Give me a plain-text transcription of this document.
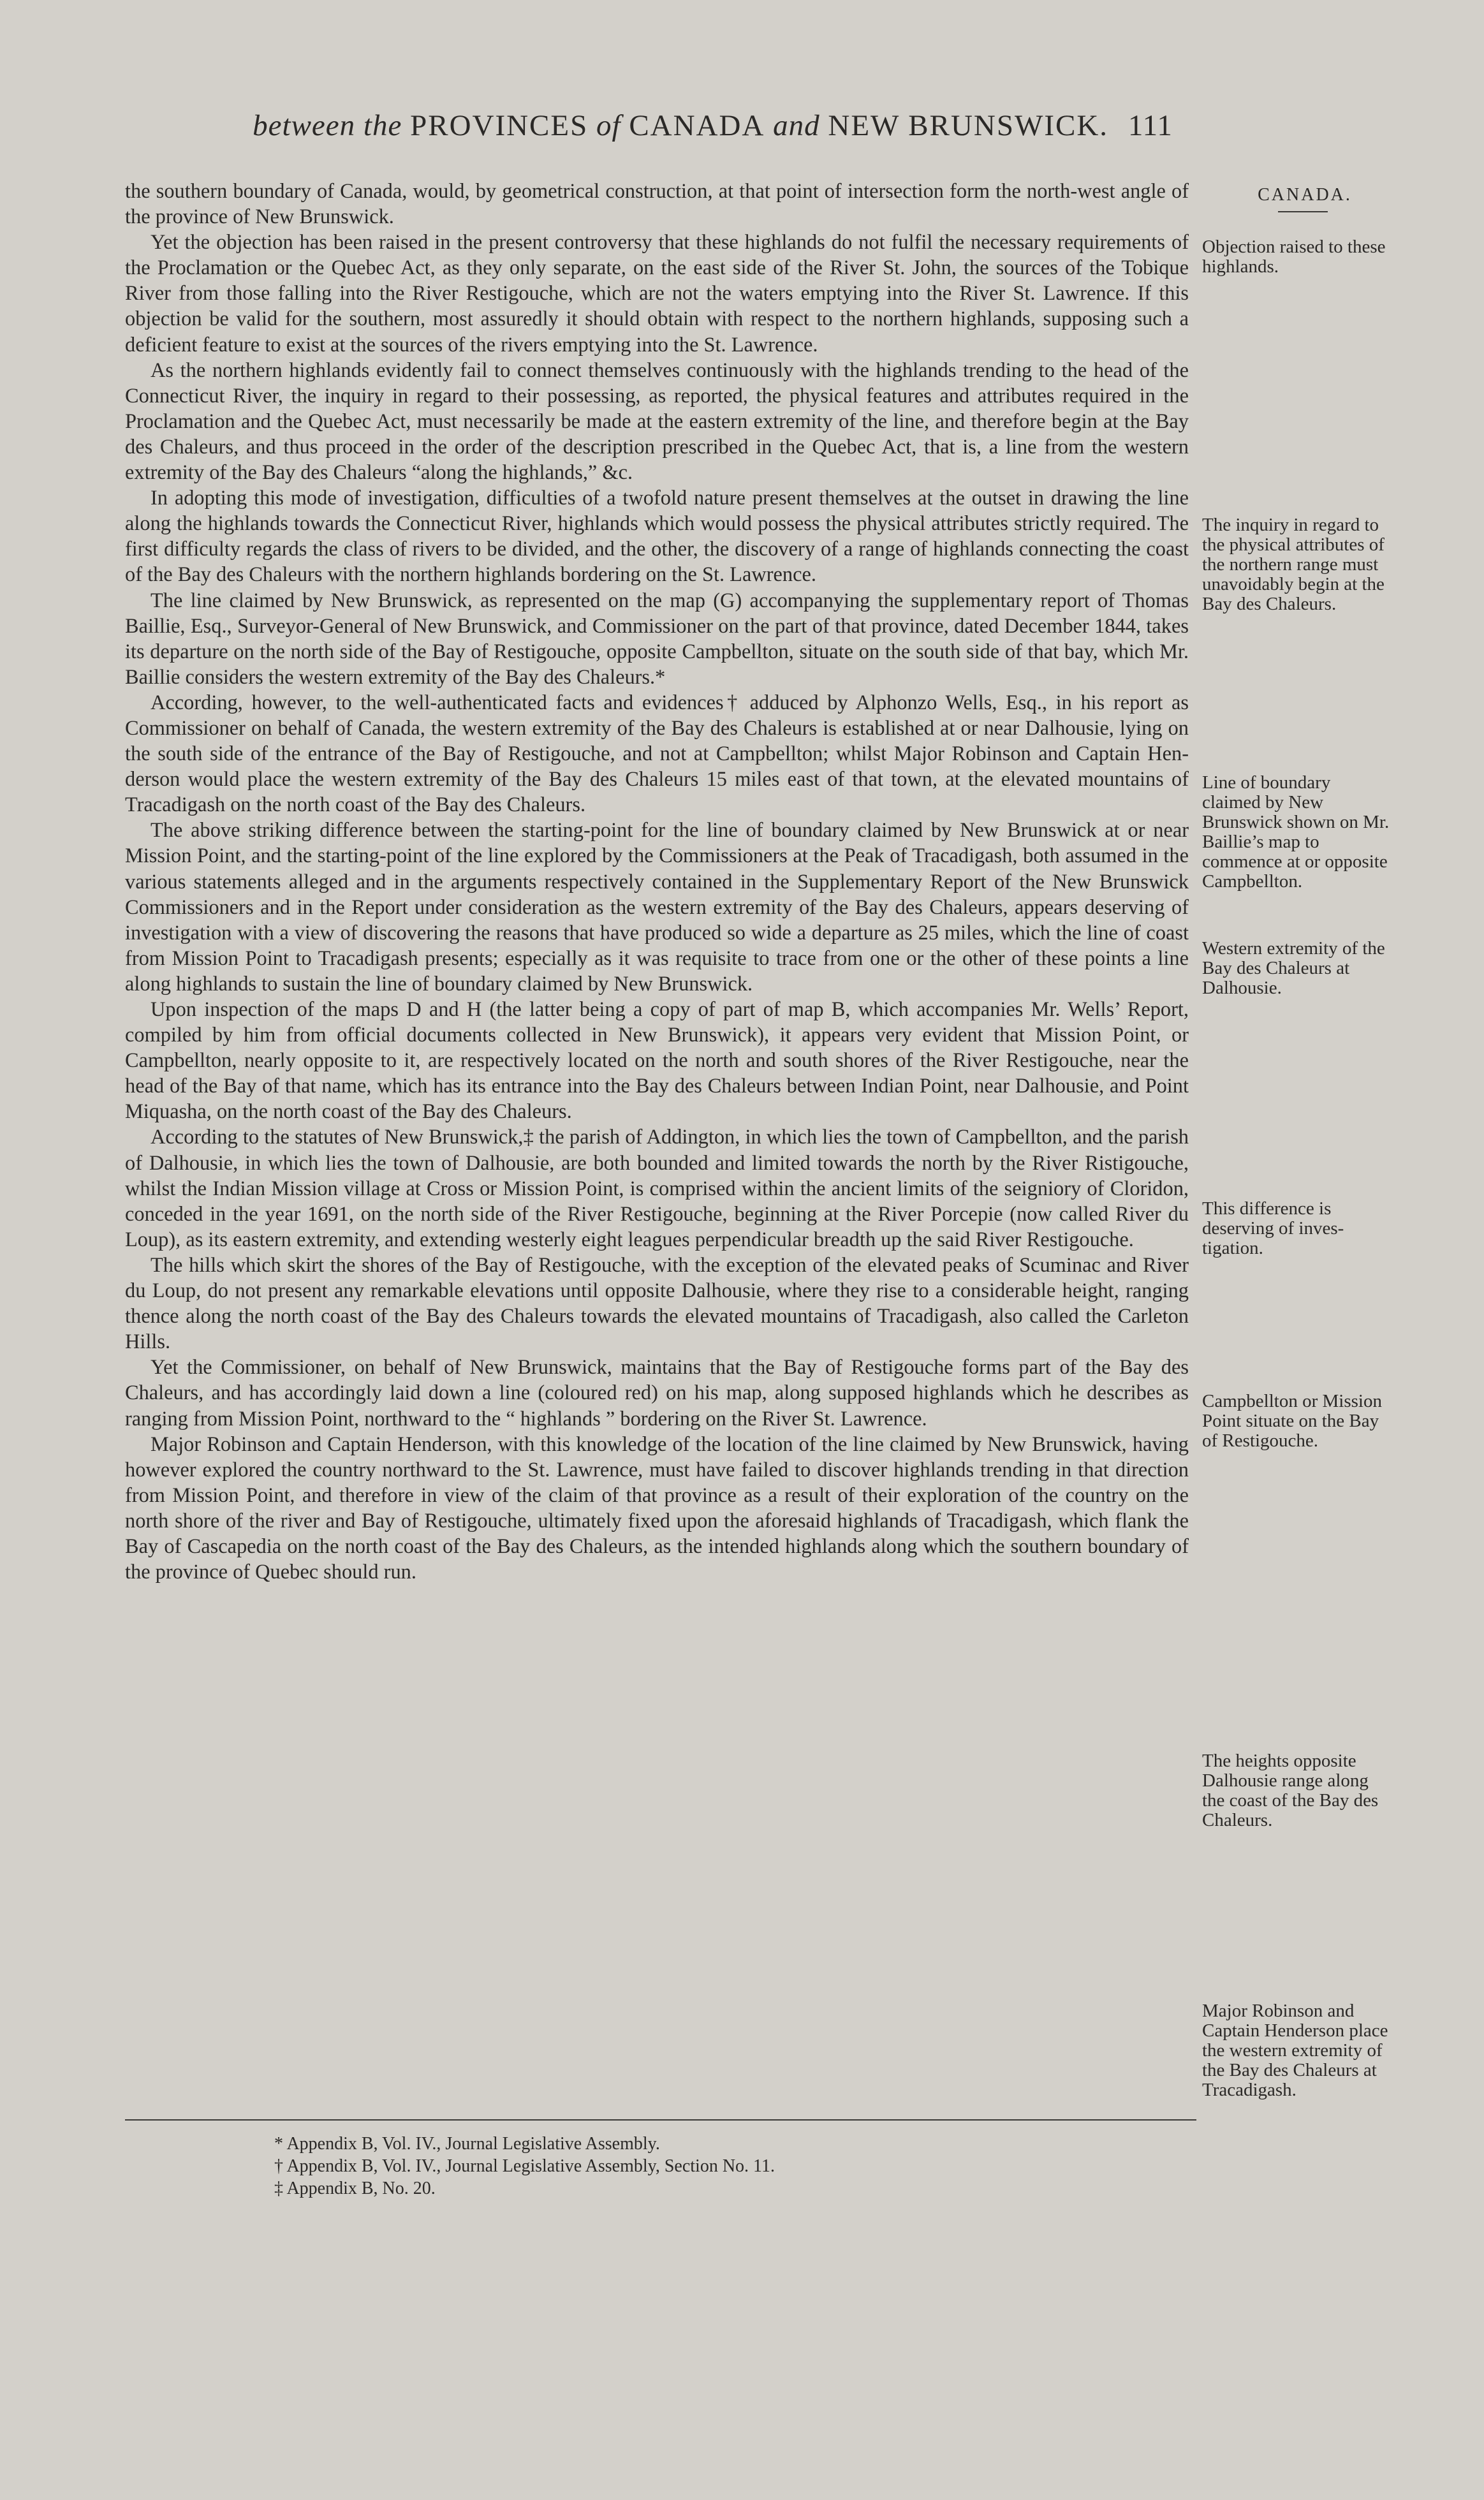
between the PROVINCES of CANADA and NEW BRUNSWICK. 111
CANADA.

the southern boundary of Canada, would, by geometrical construction, at that point of intersection form the north-west angle of the province of New Brunswick.

Yet the objection has been raised in the present controversy that these highlands do not fulfil the necessary requirements of the Proclamation or the Quebec Act, as they only separate, on the east side of the River St. John, the sources of the Tobique River from those falling into the River Restigouche, which are not the waters emptying into the River St. Lawrence. If this objection be valid for the southern, most assuredly it should obtain with respect to the northern highlands, supposing such a deficient feature to exist at the sources of the rivers emptying into the St. Lawrence.

As the northern highlands evidently fail to connect themselves continuously with the highlands trending to the head of the Connecticut River, the inquiry in regard to their possessing, as reported, the physical features and attributes required in the Proclamation and the Quebec Act, must necessarily be made at the eastern extremity of the line, and therefore begin at the Bay des Chaleurs, and thus proceed in the order of the description prescribed in the Quebec Act, that is, a line from the western extremity of the Bay des Chaleurs “along the highlands,” &c.

In adopting this mode of investigation, difficulties of a twofold nature present themselves at the outset in drawing the line along the highlands towards the Connecticut River, highlands which would possess the physical attributes strictly required. The first difficulty regards the class of rivers to be divided, and the other, the discovery of a range of highlands connecting the coast of the Bay des Chaleurs with the northern highlands bordering on the St. Lawrence.

The line claimed by New Brunswick, as represented on the map (G) accompanying the supplementary report of Thomas Baillie, Esq., Surveyor-General of New Brunswick, and Commissioner on the part of that province, dated December 1844, takes its departure on the north side of the Bay of Restigouche, opposite Campbellton, situate on the south side of that bay, which Mr. Baillie considers the western extremity of the Bay des Chaleurs.*

According, however, to the well-authenticated facts and evidences† adduced by Alphonzo Wells, Esq., in his report as Commissioner on behalf of Canada, the western extremity of the Bay des Chaleurs is established at or near Dalhousie, lying on the south side of the entrance of the Bay of Restigouche, and not at Campbellton; whilst Major Robinson and Captain Henderson would place the western extremity of the Bay des Chaleurs 15 miles east of that town, at the elevated mountains of Tracadigash on the north coast of the Bay des Chaleurs.

The above striking difference between the starting-point for the line of boundary claimed by New Brunswick at or near Mission Point, and the starting-point of the line explored by the Commissioners at the Peak of Tracadigash, both assumed in the various statements alleged and in the arguments respectively contained in the Supplementary Report of the New Brunswick Commissioners and in the Report under consideration as the western extremity of the Bay des Chaleurs, appears deserving of investigation with a view of discovering the reasons that have produced so wide a departure as 25 miles, which the line of coast from Mission Point to Tracadigash presents; especially as it was requisite to trace from one or the other of these points a line along highlands to sustain the line of boundary claimed by New Brunswick.

Upon inspection of the maps D and H (the latter being a copy of part of map B, which accompanies Mr. Wells’ Report, compiled by him from official documents collected in New Brunswick), it appears very evident that Mission Point, or Campbellton, nearly opposite to it, are respectively located on the north and south shores of the River Restigouche, near the head of the Bay of that name, which has its entrance into the Bay des Chaleurs between Indian Point, near Dalhousie, and Point Miquasha, on the north coast of the Bay des Chaleurs.

According to the statutes of New Brunswick,‡ the parish of Addington, in which lies the town of Campbellton, and the parish of Dalhousie, in which lies the town of Dalhousie, are both bounded and limited towards the north by the River Ristigouche, whilst the Indian Mission village at Cross or Mission Point, is comprised within the ancient limits of the seigniory of Cloridon, conceded in the year 1691, on the north side of the River Restigouche, beginning at the River Porcepie (now called River du Loup), as its eastern extremity, and extending westerly eight leagues perpendicular breadth up the said River Restigouche.

The hills which skirt the shores of the Bay of Restigouche, with the exception of the elevated peaks of Scuminac and River du Loup, do not present any remarkable elevations until opposite Dalhousie, where they rise to a considerable height, ranging thence along the north coast of the Bay des Chaleurs towards the elevated mountains of Tracadigash, also called the Carleton Hills.

Yet the Commissioner, on behalf of New Brunswick, maintains that the Bay of Restigouche forms part of the Bay des Chaleurs, and has accordingly laid down a line (coloured red) on his map, along supposed highlands which he describes as ranging from Mission Point, northward to the “ highlands ” bordering on the River St. Lawrence.

Major Robinson and Captain Henderson, with this knowledge of the location of the line claimed by New Brunswick, having however explored the country northward to the St. Lawrence, must have failed to discover highlands trending in that direction from Mission Point, and therefore in view of the claim of that province as a result of their exploration of the country on the north shore of the river and Bay of Restigouche, ultimately fixed upon the aforesaid highlands of Tracadigash, which flank the Bay of Cascapedia on the north coast of the Bay des Chaleurs, as the intended highlands along which the southern boundary of the province of Quebec should run.

Objection raised to these highlands.
The inquiry in regard to the physical attributes of the northern range must unavoidably begin at the Bay des Chaleurs.
Line of boundary claimed by New Brunswick shown on Mr. Baillie’s map to commence at or opposite Campbellton.
Western extremity of the Bay des Chaleurs at Dalhousie.
This difference is deserving of investigation.
Campbellton or Mission Point situate on the Bay of Restigouche.
The heights opposite Dalhousie range along the coast of the Bay des Chaleurs.
Major Robinson and Captain Henderson place the western extremity of the Bay des Chaleurs at Tracadigash.
* Appendix B, Vol. IV., Journal Legislative Assembly.
† Appendix B, Vol. IV., Journal Legislative Assembly, Section No. 11.
‡ Appendix B, No. 20.
